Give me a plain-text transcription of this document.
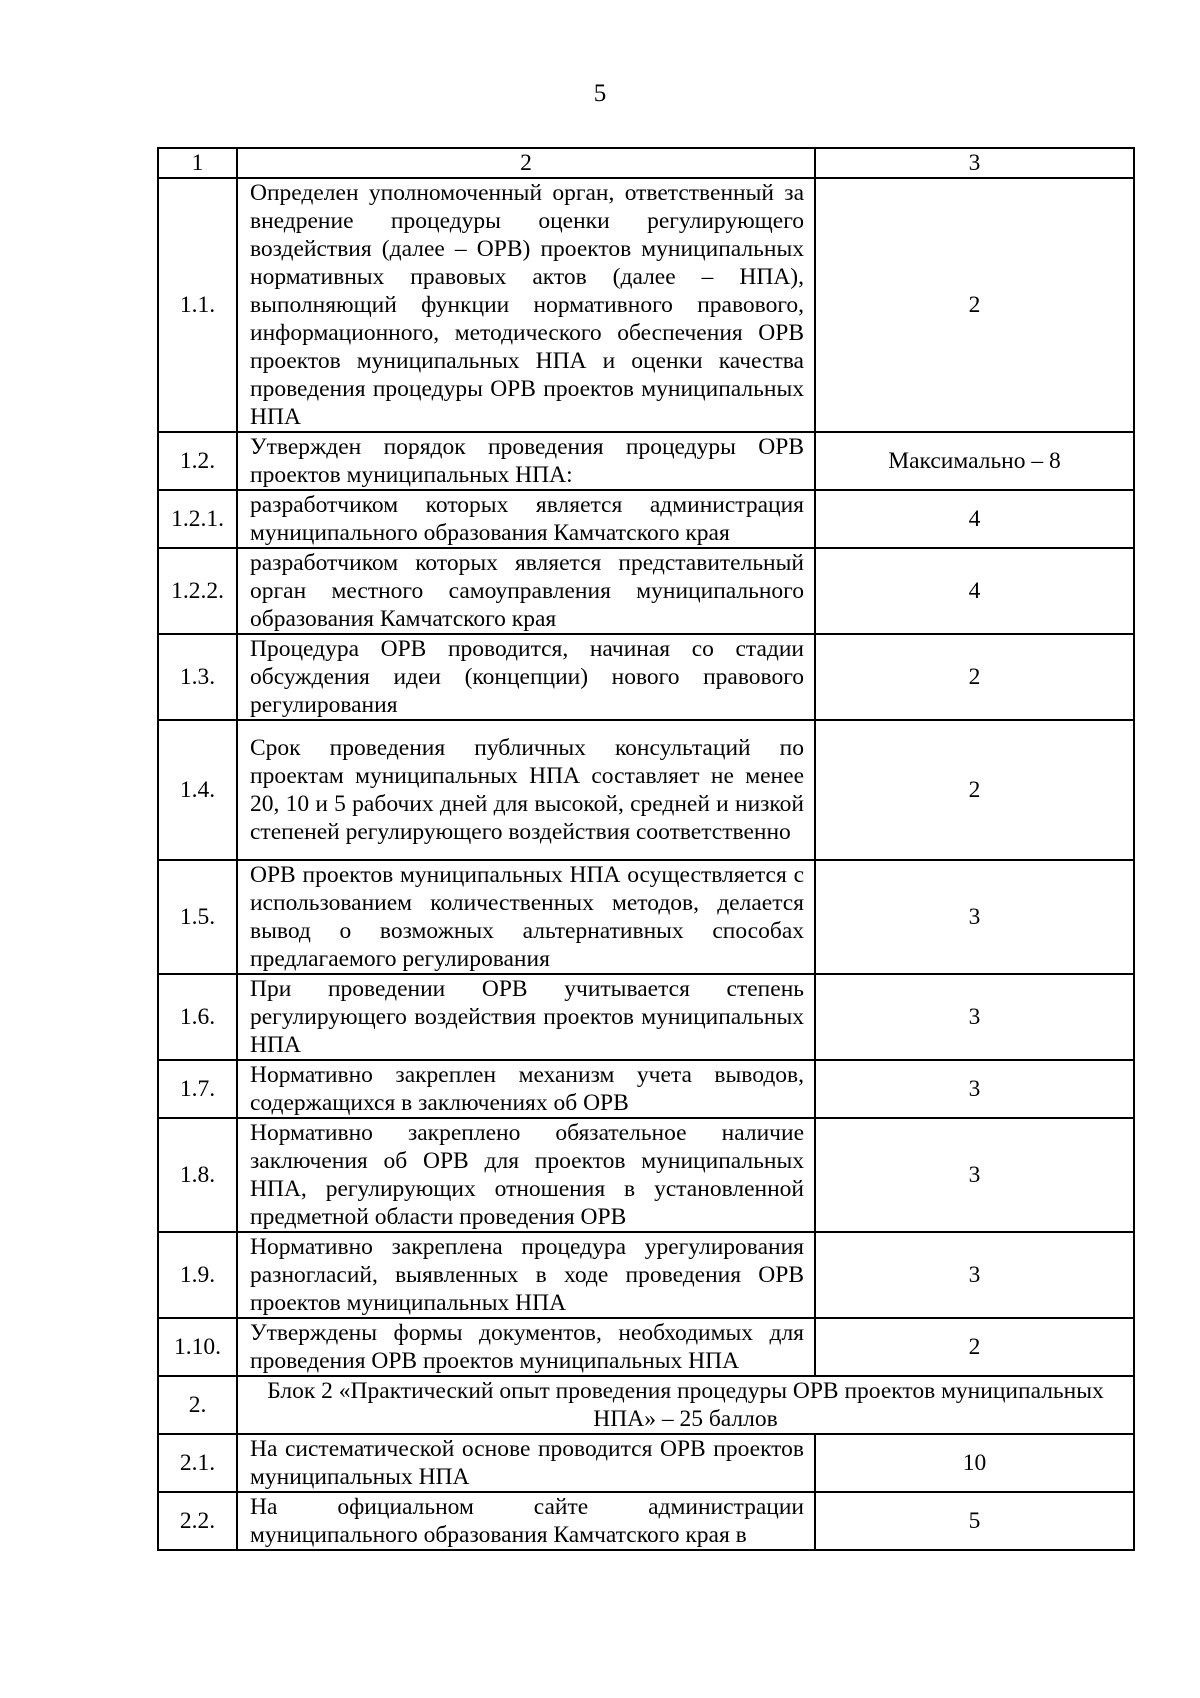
5
1	2	3
1.1.	Определен уполномоченный орган, ответственный за внедрение процедуры оценки регулирующего воздействия (далее – ОРВ) проектов муниципальных нормативных правовых актов (далее – НПА), выполняющий функции нормативного правового, информационного, методического обеспечения ОРВ проектов муниципальных НПА и оценки качества проведения процедуры ОРВ проектов муниципальных НПА	2
1.2.	Утвержден порядок проведения процедуры ОРВ проектов муниципальных НПА:	Максимально – 8
1.2.1.	разработчиком которых является администрация муниципального образования Камчатского края	4
1.2.2.	разработчиком которых является представительный орган местного самоуправления муниципального образования Камчатского края	4
1.3.	Процедура ОРВ проводится, начиная со стадии обсуждения идеи (концепции) нового правового регулирования	2
1.4.	Срок проведения публичных консультаций по проектам муниципальных НПА составляет не менее 20, 10 и 5 рабочих дней для высокой, средней и низкой степеней регулирующего воздействия соответственно	2
1.5.	ОРВ проектов муниципальных НПА осуществляется с использованием количественных методов, делается вывод о возможных альтернативных способах предлагаемого регулирования	3
1.6.	При проведении ОРВ учитывается степень регулирующего воздействия проектов муниципальных НПА	3
1.7.	Нормативно закреплен механизм учета выводов, содержащихся в заключениях об ОРВ	3
1.8.	Нормативно закреплено обязательное наличие заключения об ОРВ для проектов муниципальных НПА, регулирующих отношения в установленной предметной области проведения ОРВ	3
1.9.	Нормативно закреплена процедура урегулирования разногласий, выявленных в ходе проведения ОРВ проектов муниципальных НПА	3
1.10.	Утверждены формы документов, необходимых для проведения ОРВ проектов муниципальных НПА	2
2.	Блок 2 «Практический опыт проведения процедуры ОРВ проектов муниципальных НПА» – 25 баллов	
2.1.	На систематической основе проводится ОРВ проектов муниципальных НПА	10
2.2.	На официальном сайте администрации муниципального образования Камчатского края в	5
